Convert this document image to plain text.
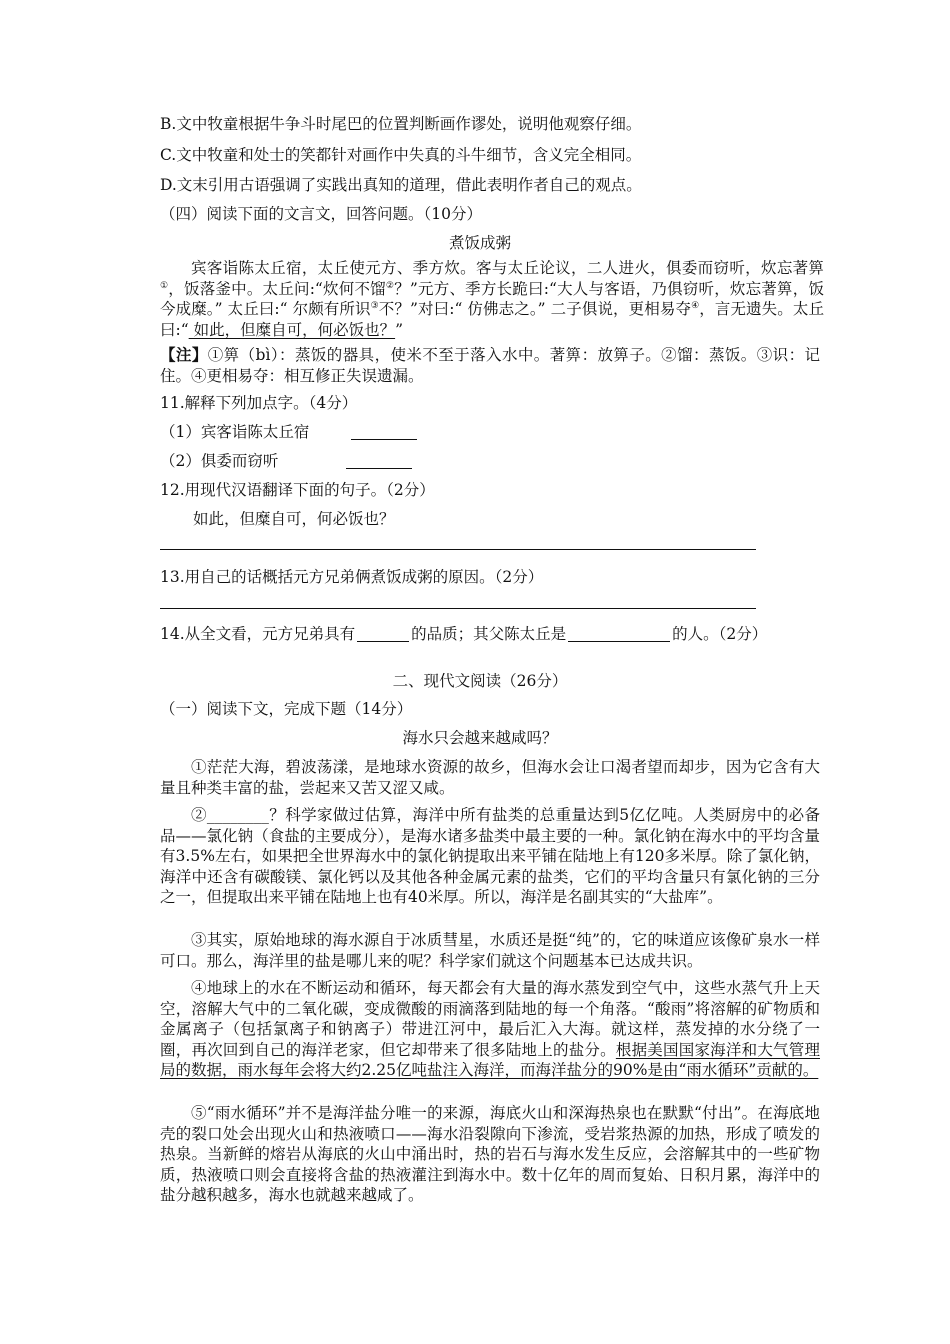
B.文中牧童根据牛争斗时尾巴的位置判断画作谬处，说明他观察仔细。
C.文中牧童和处士的笑都针对画作中失真的斗牛细节，含义完全相同。
D.文末引用古语强调了实践出真知的道理，借此表明作者自己的观点。
（四）阅读下面的文言文，回答问题。（10分）
煮饭成粥
宾客诣陈太丘宿，太丘使元方、季方炊。客与太丘论议，二人进火，俱委而窃听，炊忘著箅①，饭落釜中。太丘问:“炊何不馏②？”元方、季方长跪曰:“大人与客语，乃俱窃听，炊忘著箅，饭今成糜。” 太丘曰:“ 尔颇有所识③不？”对曰:“ 仿佛志之。” 二子俱说，更相易夺④，言无遗失。太丘曰:“ 如此，但糜自可，何必饭也？”
【注】①箅（bì）：蒸饭的器具，使米不至于落入水中。著箅：放箅子。②馏：蒸饭。③识：记住。④更相易夺：相互修正失误遗漏。
11.解释下列加点字。（4分）
（1）宾客诣陈太丘宿
（2）俱委而窃听
12.用现代汉语翻译下面的句子。（2分）
如此，但糜自可，何必饭也？
13.用自己的话概括元方兄弟俩煮饭成粥的原因。（2分）
14.从全文看，元方兄弟具有	的品质；其父陈太丘是	的人。（2分）
二、现代文阅读（26分）
（一）阅读下文，完成下题（14分）
海水只会越来越咸吗？
①茫茫大海，碧波荡漾，是地球水资源的故乡，但海水会让口渴者望而却步，因为它含有大量且种类丰富的盐，尝起来又苦又涩又咸。
②________？科学家做过估算，海洋中所有盐类的总重量达到5亿亿吨。人类厨房中的必备品——氯化钠（食盐的主要成分），是海水诸多盐类中最主要的一种。氯化钠在海水中的平均含量有3.5%左右，如果把全世界海水中的氯化钠提取出来平铺在陆地上有120多米厚。除了氯化钠，海洋中还含有碳酸镁、氯化钙以及其他各种金属元素的盐类，它们的平均含量只有氯化钠的三分之一，但提取出来平铺在陆地上也有40米厚。所以，海洋是名副其实的“大盐库”。
③其实，原始地球的海水源自于冰质彗星，水质还是挺“纯”的，它的味道应该像矿泉水一样可口。那么，海洋里的盐是哪儿来的呢？科学家们就这个问题基本已达成共识。
④地球上的水在不断运动和循环，每天都会有大量的海水蒸发到空气中，这些水蒸气升上天空，溶解大气中的二氧化碳，变成微酸的雨滴落到陆地的每一个角落。“酸雨”将溶解的矿物质和金属离子（包括氯离子和钠离子）带进江河中，最后汇入大海。就这样，蒸发掉的水分绕了一圈，再次回到自己的海洋老家，但它却带来了很多陆地上的盐分。根据美国国家海洋和大气管理局的数据，雨水每年会将大约2.25亿吨盐注入海洋，而海洋盐分的90%是由“雨水循环”贡献的。
⑤“雨水循环”并不是海洋盐分唯一的来源，海底火山和深海热泉也在默默“付出”。在海底地壳的裂口处会出现火山和热液喷口——海水沿裂隙向下渗流，受岩浆热源的加热，形成了喷发的热泉。当新鲜的熔岩从海底的火山中涌出时，热的岩石与海水发生反应，会溶解其中的一些矿物质，热液喷口则会直接将含盐的热液灌注到海水中。数十亿年的周而复始、日积月累，海洋中的盐分越积越多，海水也就越来越咸了。
